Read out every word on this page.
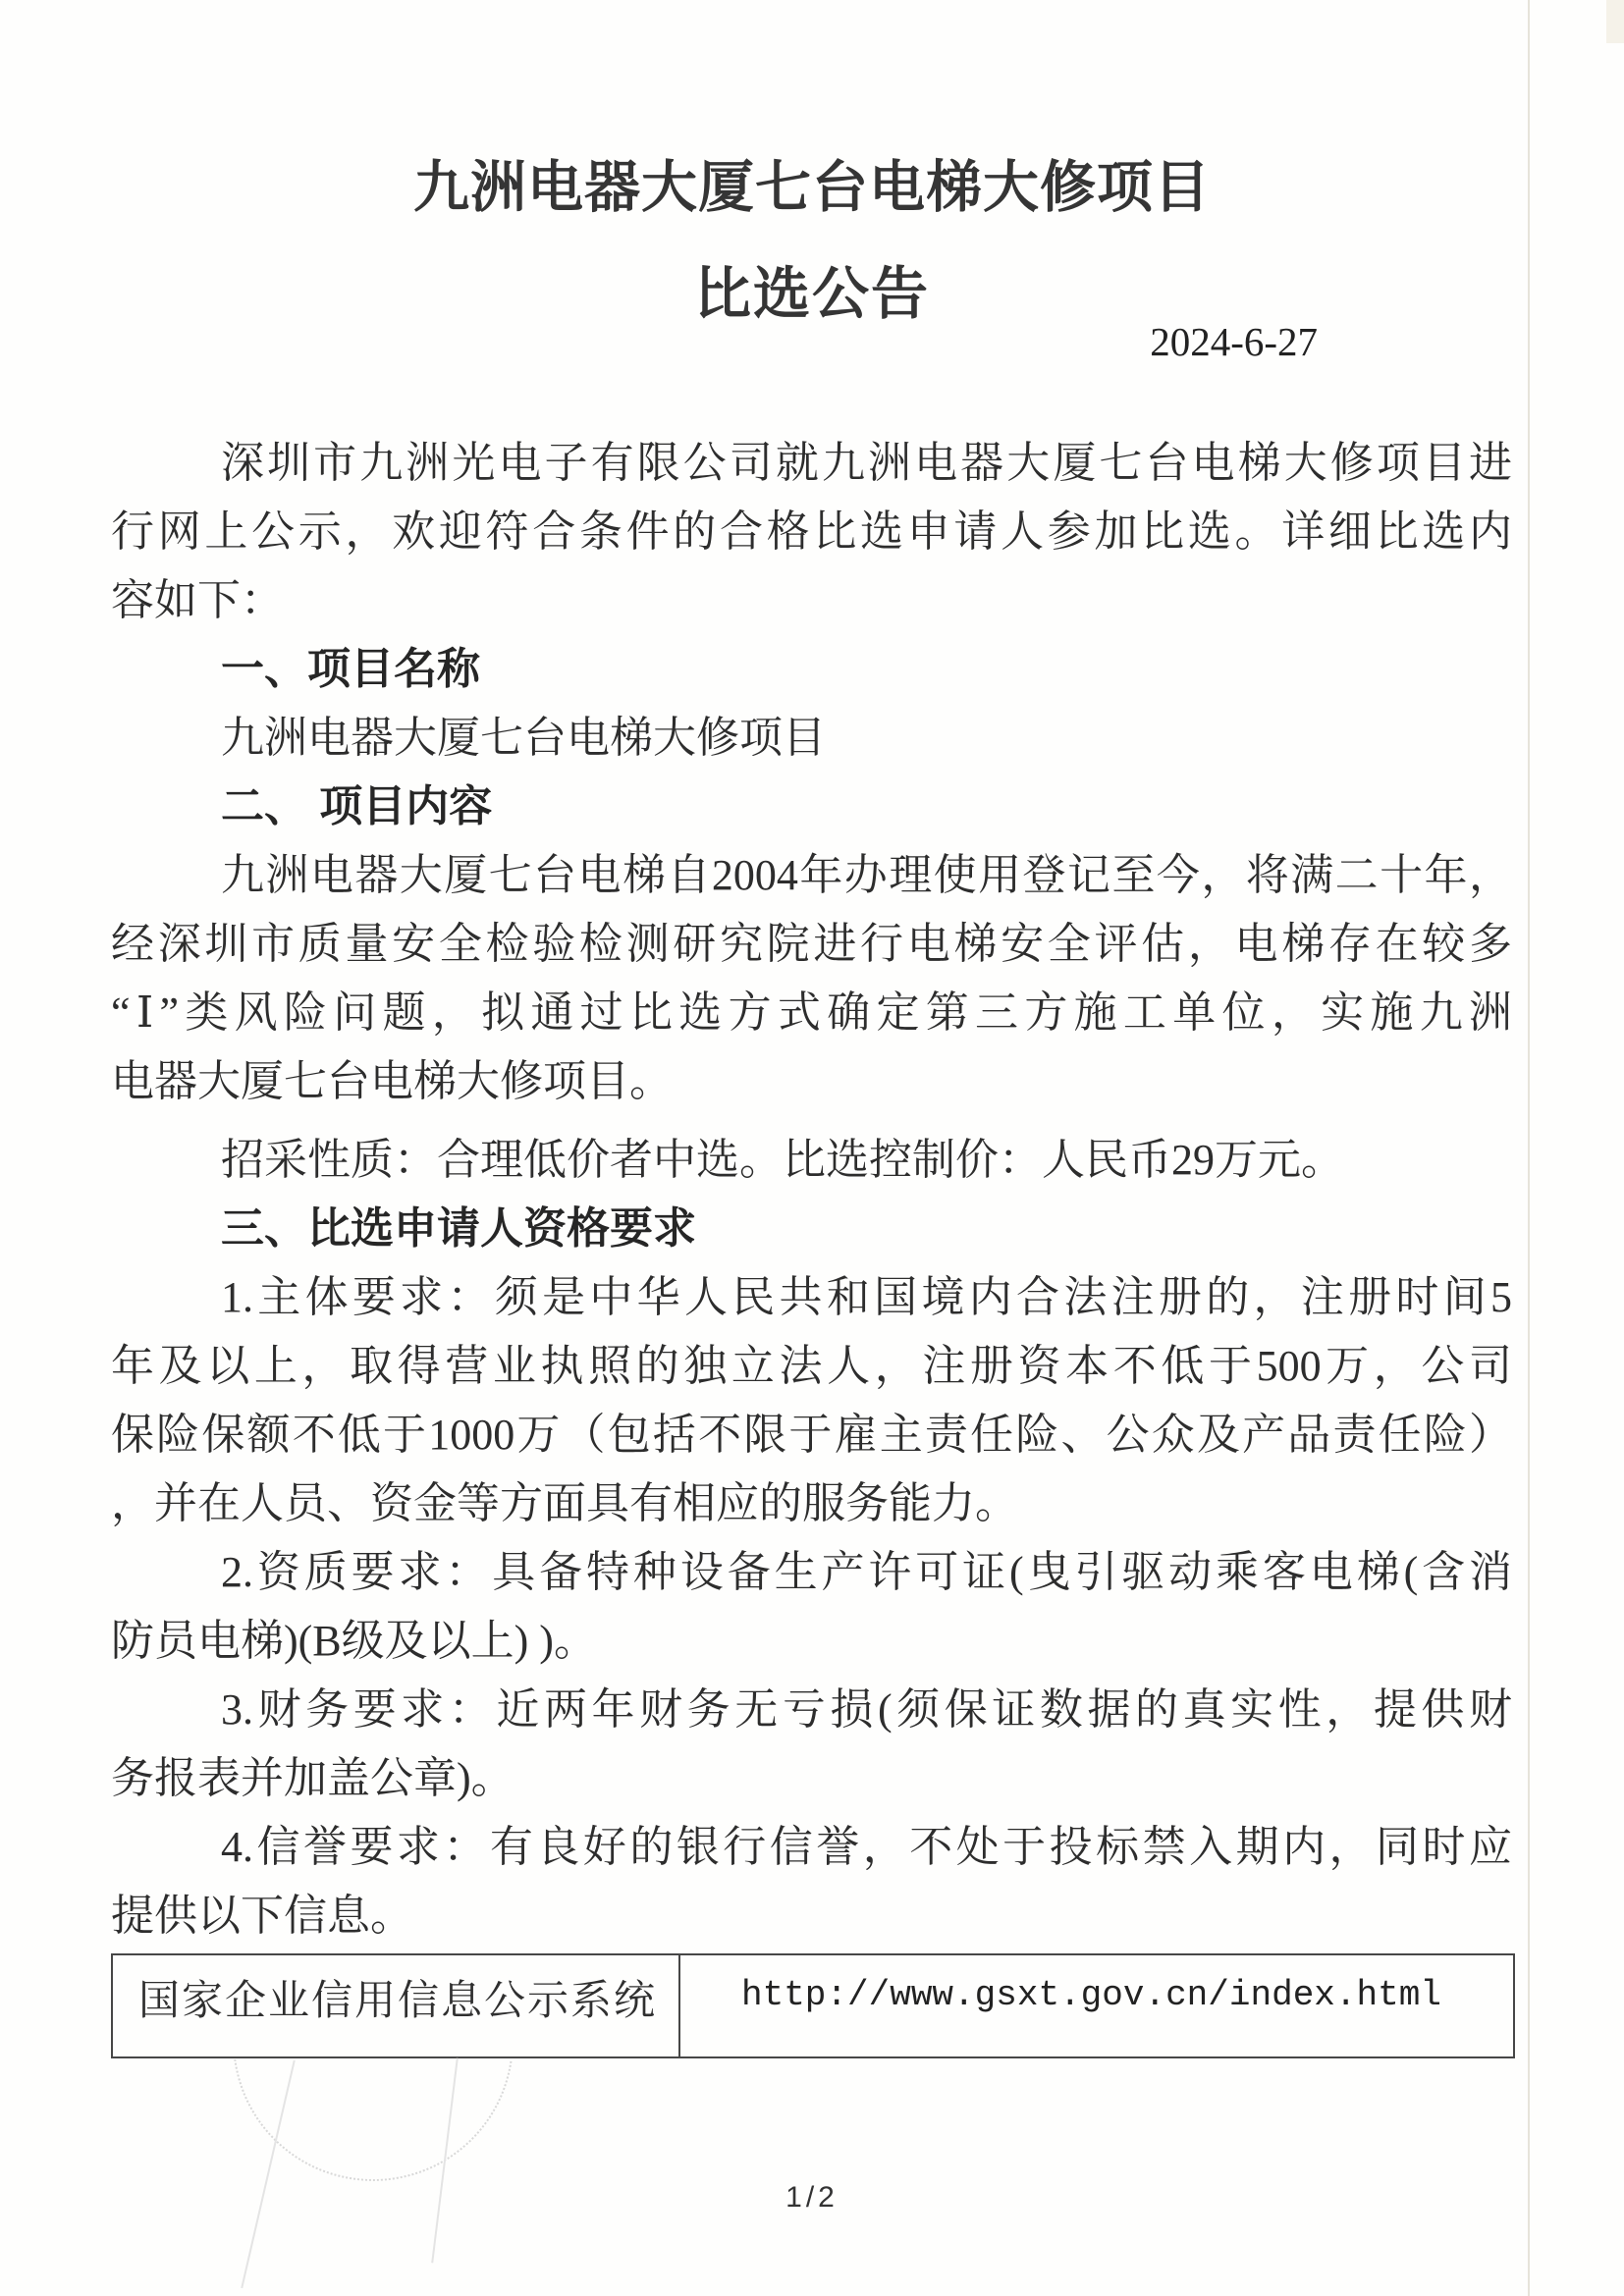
九洲电器大厦七台电梯大修项目
比选公告
2024-6-27
深圳市九洲光电子有限公司就九洲电器大厦七台电梯大修项目进
行网上公示，欢迎符合条件的合格比选申请人参加比选。详细比选内
容如下：
一、项目名称
九洲电器大厦七台电梯大修项目
二、 项目内容
九洲电器大厦七台电梯自2004年办理使用登记至今，将满二十年，
经深圳市质量安全检验检测研究院进行电梯安全评估，电梯存在较多
“Ⅰ”类风险问题，拟通过比选方式确定第三方施工单位，实施九洲
电器大厦七台电梯大修项目。
招采性质：合理低价者中选。比选控制价：人民币29万元。
三、比选申请人资格要求
1.主体要求：须是中华人民共和国境内合法注册的，注册时间5
年及以上，取得营业执照的独立法人，注册资本不低于500万，公司
保险保额不低于1000万（包括不限于雇主责任险、公众及产品责任险）
，并在人员、资金等方面具有相应的服务能力。
2.资质要求：具备特种设备生产许可证(曳引驱动乘客电梯(含消
防员电梯)(B级及以上) )。
3.财务要求：近两年财务无亏损(须保证数据的真实性，提供财
务报表并加盖公章)。
4.信誉要求：有良好的银行信誉，不处于投标禁入期内，同时应
提供以下信息。
国家企业信用信息公示系统	http://www.gsxt.gov.cn/index.html
1/2
